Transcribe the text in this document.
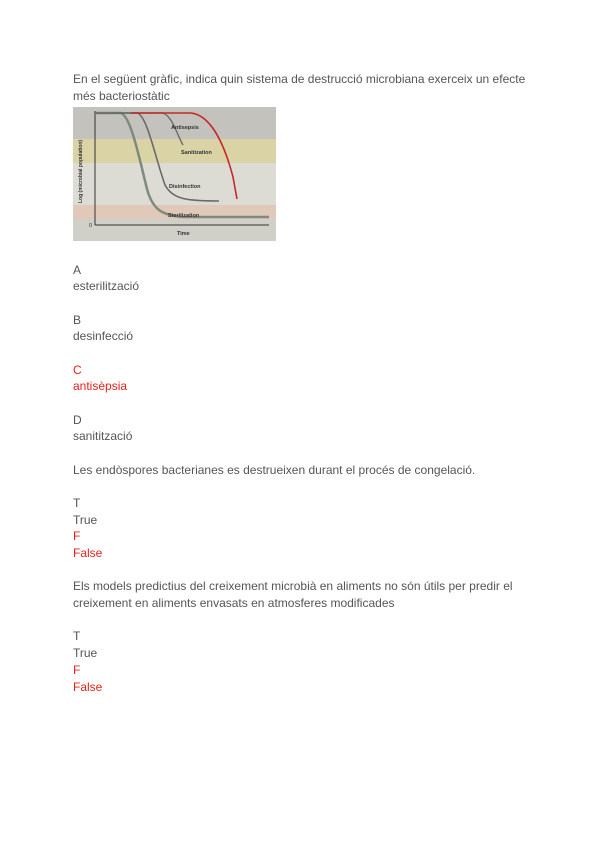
En el següent gràfic, indica quin sistema de destrucció microbiana exerceix un efecte
més bacteriostàtic
Antisepsis
Sanitization
Disinfection
Sterilization
Time
0
Log (microbial population)
A
esterilització
B
desinfecció
C
antisèpsia
D
sanitització
Les endòspores bacterianes es destrueixen durant el procés de congelació.
T
True
F
False
Els models predictius del creixement microbià en aliments no són útils per predir el
creixement en aliments envasats en atmosferes modificades
T
True
F
False
